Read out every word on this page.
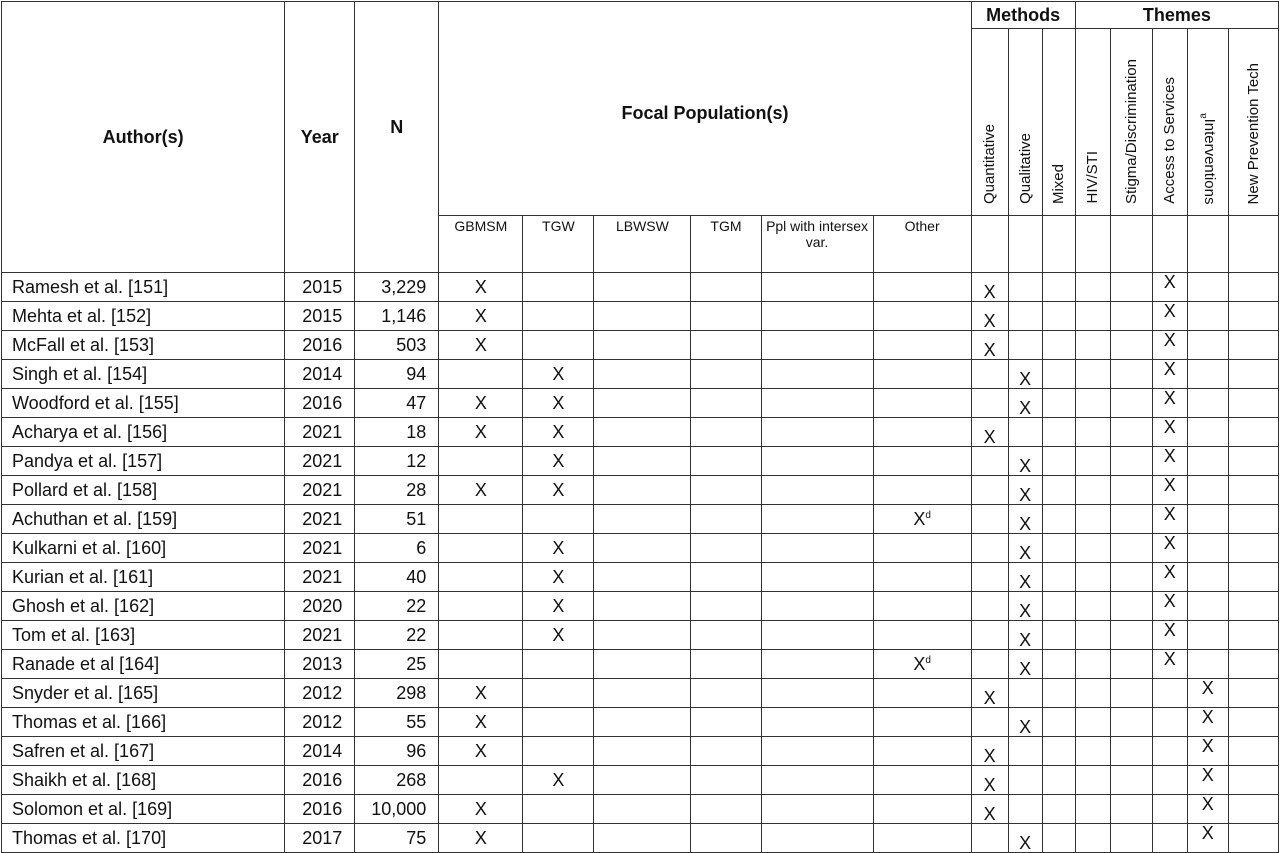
Author(s)	Year	N	Focal Population(s)						Methods			Themes				
									Quantitative	Qualitative	Mixed	HIV/STI	Stigma/Discrimination	Access to Services	Interventions$^a$	New Prevention Tech
			GBMSM	TGW	LBWSW	TGM	Ppl with intersex var.	Other								
Ramesh et al. [151]	2015	3,229	X						X					X		
Mehta et al. [152]	2015	1,146	X						X					X		
McFall et al. [153]	2016	503	X						X					X		
Singh et al. [154]	2014	94		X						X				X		
Woodford et al. [155]	2016	47	X	X						X				X		
Acharya et al. [156]	2021	18	X	X					X					X		
Pandya et al. [157]	2021	12		X						X				X		
Pollard et al. [158]	2021	28	X	X						X				X		
Achuthan et al. [159]	2021	51						$X^d$		X				X		
Kulkarni et al. [160]	2021	6		X						X				X		
Kurian et al. [161]	2021	40		X						X				X		
Ghosh et al. [162]	2020	22		X						X				X		
Tom et al. [163]	2021	22		X						X				X		
Ranade et al [164]	2013	25						$X^d$		X				X		
Snyder et al. [165]	2012	298	X						X						X	
Thomas et al. [166]	2012	55	X							X					X	
Safren et al. [167]	2014	96	X						X						X	
Shaikh et al. [168]	2016	268		X					X						X	
Solomon et al. [169]	2016	10,000	X						X						X	
Thomas et al. [170]	2017	75	X							X					X	
